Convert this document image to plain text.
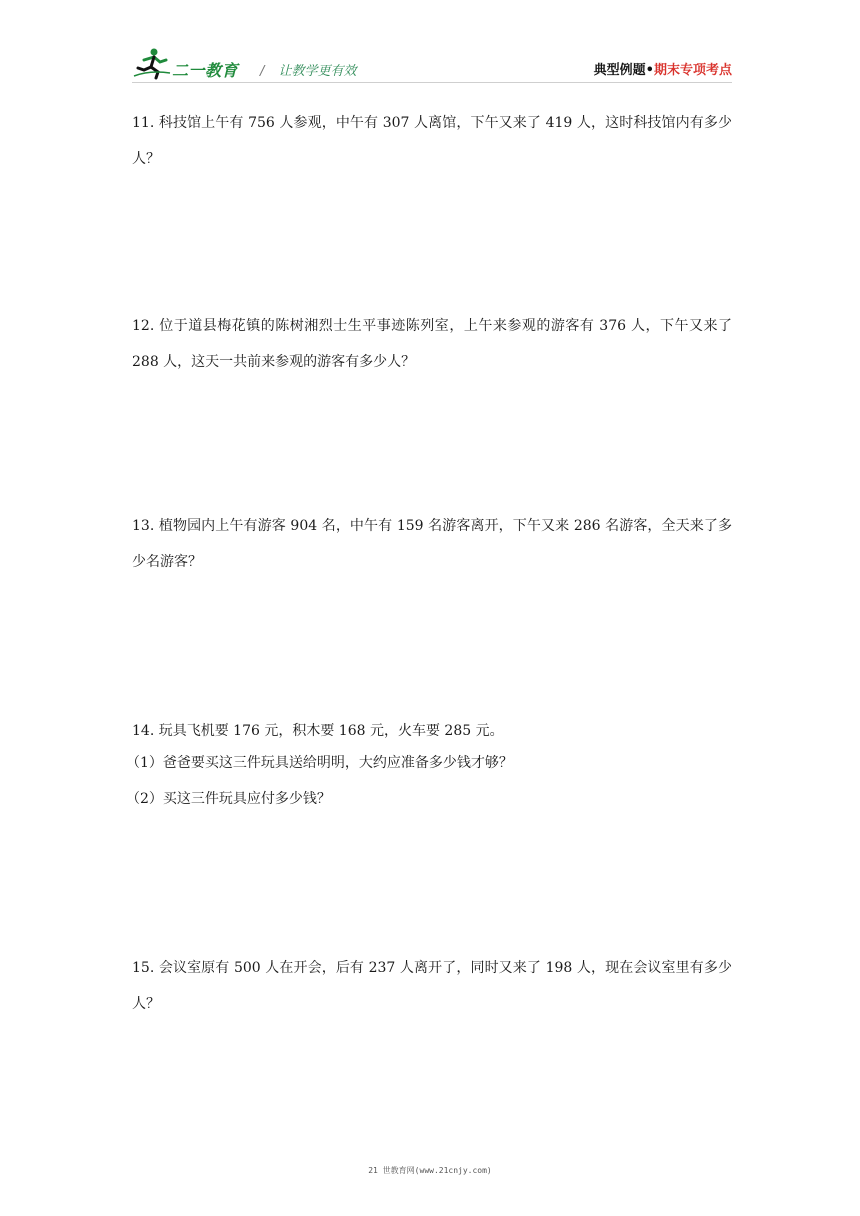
二一教育 / 让教学更有效	典型例题•期末专项考点
11. 科技馆上午有 756 人参观，中午有 307 人离馆，下午又来了 419 人，这时科技馆内有多少人？
12. 位于道县梅花镇的陈树湘烈士生平事迹陈列室，上午来参观的游客有 376 人，下午又来了 288 人，这天一共前来参观的游客有多少人？
13. 植物园内上午有游客 904 名，中午有 159 名游客离开，下午又来 286 名游客，全天来了多少名游客？
14. 玩具飞机要 176 元，积木要 168 元，火车要 285 元。
（1）爸爸要买这三件玩具送给明明，大约应准备多少钱才够？
（2）买这三件玩具应付多少钱？
15. 会议室原有 500 人在开会，后有 237 人离开了，同时又来了 198 人，现在会议室里有多少人？
21 世教育网(www.21cnjy.com)
